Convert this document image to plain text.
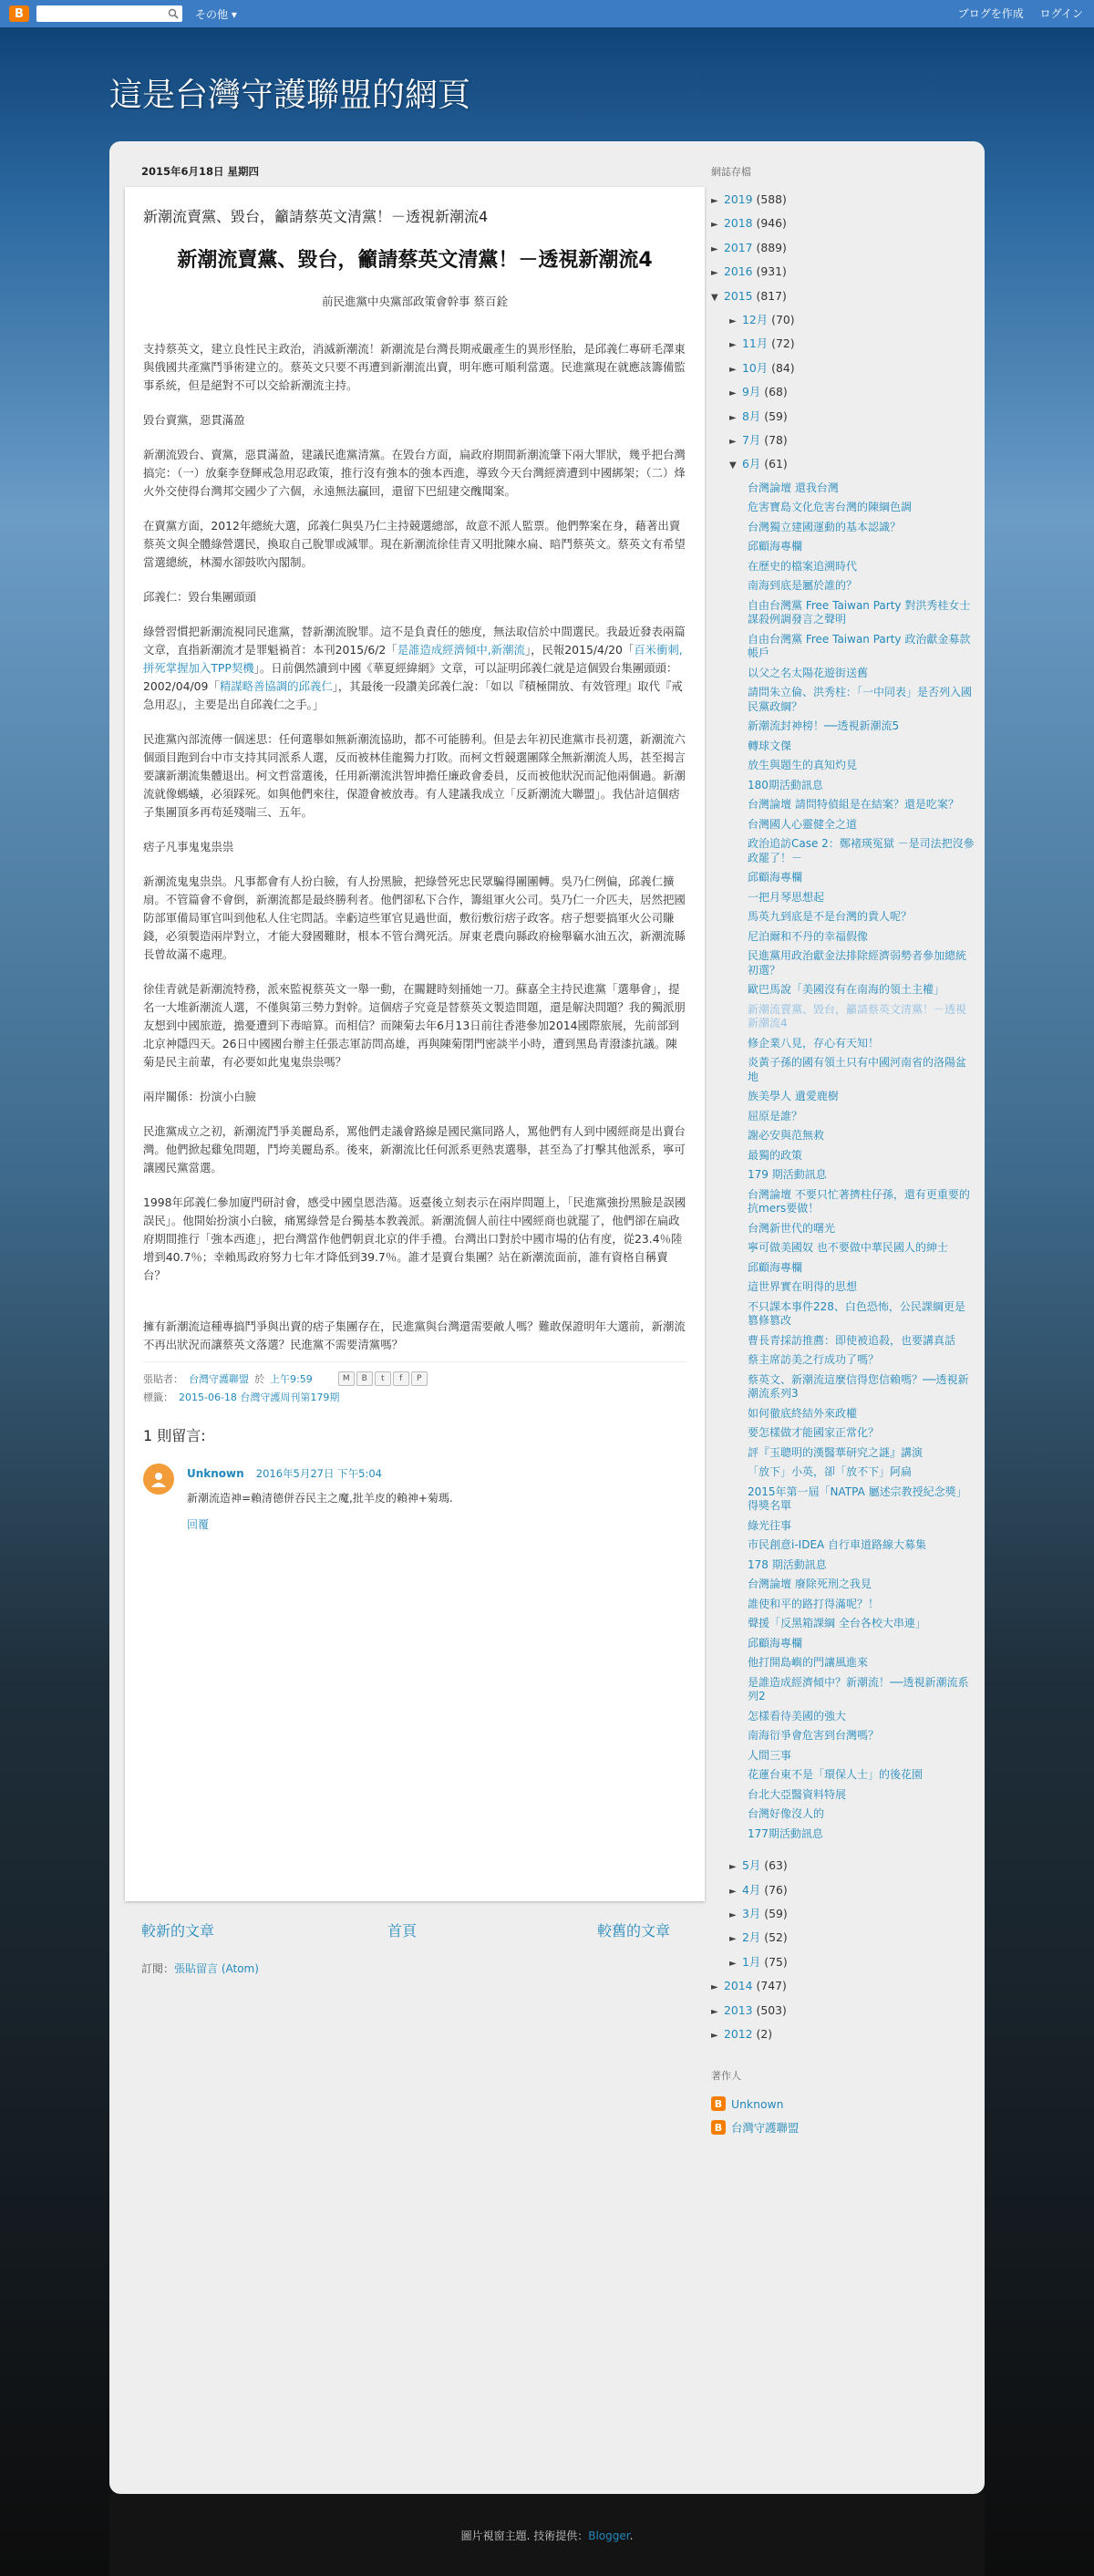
B	その他 ▾	ブログを作成 ログイン
這是台灣守護聯盟的網頁
2015年6月18日 星期四
新潮流賣黨、毀台，籲請蔡英文清黨！－透視新潮流4
新潮流賣黨、毀台，籲請蔡英文清黨！－透視新潮流4
前民進黨中央黨部政策會幹事 蔡百銓
支持蔡英文，建立良性民主政治，消滅新潮流！新潮流是台灣長期戒嚴產生的異形怪胎，是邱義仁專研毛澤東與俄國共產黨鬥爭術建立的。蔡英文只要不再遭到新潮流出賣，明年應可順利當選。民進黨現在就應該籌備監事系統，但是絕對不可以交給新潮流主持。
毀台賣黨，惡貫滿盈
新潮流毀台、賣黨，惡貫滿盈，建議民進黨清黨。在毀台方面，扁政府期間新潮流肇下兩大罪狀，幾乎把台灣搞完：（一）放棄李登輝戒急用忍政策，推行沒有強本的強本西進，導致今天台灣經濟遭到中國綁架；（二）烽火外交使得台灣邦交國少了六個，永遠無法贏回，還留下巴紐建交醜聞案。
在賣黨方面，2012年總統大選，邱義仁與吳乃仁主持競選總部，故意不派人監票。他們弊案在身，藉著出賣蔡英文與全體綠營選民，換取自己脫罪或減罪。現在新潮流徐佳青又明批陳水扁、暗鬥蔡英文。蔡英文有希望當選總統，林濁水卻鼓吹內閣制。
邱義仁：毀台集團頭頭
綠營習慣把新潮流視同民進黨，替新潮流脫罪。這不是負責任的態度，無法取信於中間選民。我最近發表兩篇文章，直指新潮流才是罪魁禍首：本刊2015/6/2「是誰造成經濟傾中,新潮流」，民報2015/4/20「百米衝刺,拼死掌握加入TPP契機」。日前偶然讀到中國《華夏經緯網》文章，可以証明邱義仁就是這個毀台集團頭頭：2002/04/09「精謀略善協調的邱義仁」，其最後一段讚美邱義仁說：「如以『積極開放、有效管理』取代『戒急用忍』，主要是出自邱義仁之手。」
民進黨內部流傳一個迷思：任何選舉如無新潮流協助，都不可能勝利。但是去年初民進黨市長初選，新潮流六個頭目跑到台中市支持其同派系人選，反而被林佳龍獨力打敗。而柯文哲競選團隊全無新潮流人馬，甚至揭言要讓新潮流集體退出。柯文哲當選後，任用新潮流洪智坤擔任廉政會委員，反而被他狀況而記他兩個過。新潮流就像螞蟻，必須踩死。如與他們來往，保證會被放毒。有人建議我成立「反新潮流大聯盟」。我估計這個痞子集團頂多再苟延殘喘三、五年。
痞子凡事鬼鬼祟祟
新潮流鬼鬼祟祟。凡事都會有人扮白臉，有人扮黑臉，把綠營死忠民眾騙得團團轉。吳乃仁例偏，邱義仁擴扇。不管篇會不會倒，新潮流都是最終勝利者。他們卻私下合作，籌組軍火公司。吳乃仁一介匹夫，居然把國防部軍備局軍官叫到他私人住宅問話。幸虧這些軍官見過世面，敷衍敷衍痞子政客。痞子想要搞軍火公司賺錢，必須製造兩岸對立，才能大發國難財，根本不管台灣死活。屏東老農向縣政府檢舉竊水油五次，新潮流縣長曾故滿不處理。
徐佳青就是新潮流特務，派來監視蔡英文一舉一動，在關鍵時刻捅她一刀。蘇嘉全主持民進黨「選舉會」，提名一大堆新潮流人選，不僅與第三勢力對幹。這個痞子究竟是替蔡英文製造問題，還是解決問題？我的獨派朋友想到中國旅遊，擔憂遭到下毒暗算。而相信？而陳菊去年6月13日前往香港參加2014國際旅展，先前部到北京神隱四天。26日中國國台辦主任張志軍訪問高雄，再與陳菊閉門密談半小時，遭到黑島青潑漆抗議。陳菊是民主前輩，有必要如此鬼鬼祟祟嗎？
兩岸關係：扮演小白臉
民進黨成立之初，新潮流鬥爭美麗島系，罵他們走議會路線是國民黨同路人，罵他們有人到中國經商是出賣台灣。他們掀起雞兔問題，鬥垮美麗島系。後來，新潮流比任何派系更熱衷選舉，甚至為了打擊其他派系，寧可讓國民黨當選。
1998年邱義仁參加廈門研討會，感受中國皇恩浩蕩。返臺後立刻表示在兩岸問題上，「民進黨強扮黑臉是誤國誤民」。他開始扮演小白臉，痛罵綠營是台獨基本教義派。新潮流個人前往中國經商也就罷了，他們卻在扁政府期間推行「強本西進」，把台灣當作他們朝貢北京的伴手禮。台灣出口對於中國市場的佔有度，從23.4％陸增到40.7％；幸賴馬政府努力七年才降低到39.7％。誰才是賣台集團？站在新潮流面前，誰有資格自稱賣台？
擁有新潮流這種專搞鬥爭與出賣的痞子集團存在，民進黨與台灣還需要敵人嗎？難敢保證明年大選前，新潮流不再出狀況而讓蔡英文落選？民進黨不需要清黨嗎？
張貼者： 台灣守護聯盟 於 上午9:59	M	B	t	f	P
標籤： 2015-06-18 台灣守護周刊第179期
1 則留言:
Unknown 2016年5月27日 下午5:04
新潮流造神=賴清德併吞民主之魔,批羊皮的賴神+菊瑪.
回覆
較新的文章	首頁	較舊的文章
訂閱：張貼留言 (Atom)
網誌存檔
► 2019 (588)
► 2018 (946)
► 2017 (889)
► 2016 (931)
▼ 2015 (817)
► 12月 (70)
► 11月 (72)
► 10月 (84)
► 9月 (68)
► 8月 (59)
► 7月 (78)
▼ 6月 (61)
台灣論壇 還我台灣
危害寶島文化危害台灣的陳綱色調
台灣獨立建國運動的基本認識？
邱顧海專欄
在歷史的檔案追溯時代
南海到底是屬於誰的？
自由台灣黨 Free Taiwan Party 對洪秀桂女士謀殺例調發言之聲明
自由台灣黨 Free Taiwan Party 政治獻金募款帳戶
以父之名太陽花遊街送舊
請問朱立倫、洪秀柱：「一中同表」是否列入國民黨政綱？
新潮流封神榜！──透視新潮流5
轉球文傑
放生與題生的真知灼見
180期活動訊息
台灣論壇 請問特偵組是在結案？還是吃案？
台灣國人心靈健全之道
政治追訪Case 2：鄭褚瑛冤獄 －是司法把沒參政罷了！－
邱顧海專欄
一把月琴思想起
馬英九到底是不是台灣的貴人呢？
尼泊爾和不丹的幸福假像
民進黨用政治獻金法排除經濟弱勢者參加總統初選？
歐巴馬說「美國沒有在南海的領土主權」
新潮流賣黨、毀台，籲請蔡英文清黨！－透視新潮流4
修企業八見，存心有天知！
炎黃子孫的國有領土只有中國河南省的洛陽盆地
族美學人 遺愛鹿樹
屈原是誰？
謝必安與范無救
最獨的政策
179 期活動訊息
台灣論壇 不要只忙著擠柱仔孫，還有更重要的抗mers要做！
台灣新世代的曙光
寧可做美國奴 也不要做中華民國人的紳士
邱顧海專欄
這世界實在明得的思想
不只課本事件228、白色恐怖，公民課綱更是篡修篡改
曹長青採訪推薦：即使被追殺，也要講真話
蔡主席訪美之行成功了嗎？
蔡英文、新潮流這麼信得您信賴嗎？──透視新潮流系列3
如何徹底終結外來政權
要怎樣做才能國家正常化？
評『玉聰明的漢醫華研究之謎』講演
「放下」小英，卻「放不下」阿扁
2015年第一屆「NATPA 屬述宗教授紀念獎」得獎名單
綠光往事
市民創意i-IDEA 自行車道路線大募集
178 期活動訊息
台灣論壇 廢除死刑之我見
誰使和平的路打得滿呢？！
聲援「反黑箱課綱 全台各校大串連」
邱顧海專欄
他打開島嶼的門讓風進來
是誰造成經濟傾中？新潮流！──透視新潮流系列2
怎樣看待美國的強大
南海衍爭會危害到台灣嗎？
人間三事
花蓮台東不是「環保人士」的後花園
台北大亞醫資料特展
台灣好像沒人的
177期活動訊息
► 5月 (63)
► 4月 (76)
► 3月 (59)
► 2月 (52)
► 1月 (75)
► 2014 (747)
► 2013 (503)
► 2012 (2)
著作人
B Unknown
B 台灣守護聯盟
圖片視窗主題. 技術提供：Blogger.
